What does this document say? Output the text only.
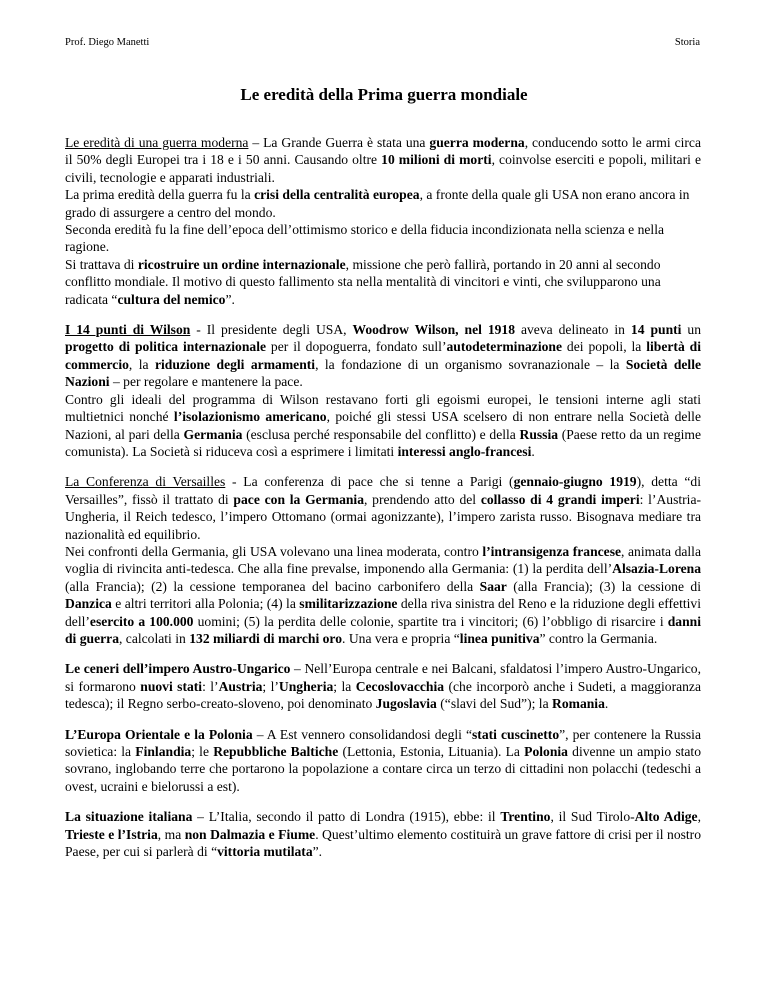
Prof. Diego Manetti	Storia
Le eredità della Prima guerra mondiale

Le eredità di una guerra moderna – La Grande Guerra è stata una guerra moderna, conducendo sotto le armi circa il 50% degli Europei tra i 18 e i 50 anni. Causando oltre 10 milioni di morti, coinvolse eserciti e popoli, militari e civili, tecnologie e apparati industriali.

La prima eredità della guerra fu la crisi della centralità europea, a fronte della quale gli USA non erano ancora in grado di assurgere a centro del mondo.

Seconda eredità fu la fine dell’epoca dell’ottimismo storico e della fiducia incondizionata nella scienza e nella ragione.

Si trattava di ricostruire un ordine internazionale, missione che però fallirà, portando in 20 anni al secondo conflitto mondiale. Il motivo di questo fallimento sta nella mentalità di vincitori e vinti, che svilupparono una radicata “cultura del nemico”.

I 14 punti di Wilson - Il presidente degli USA, Woodrow Wilson, nel 1918 aveva delineato in 14 punti un progetto di politica internazionale per il dopoguerra, fondato sull’autodeterminazione dei popoli, la libertà di commercio, la riduzione degli armamenti, la fondazione di un organismo sovranazionale – la Società delle Nazioni – per regolare e mantenere la pace.

Contro gli ideali del programma di Wilson restavano forti gli egoismi europei, le tensioni interne agli stati multietnici nonché l’isolazionismo americano, poiché gli stessi USA scelsero di non entrare nella Società delle Nazioni, al pari della Germania (esclusa perché responsabile del conflitto) e della Russia (Paese retto da un regime comunista). La Società si riduceva così a esprimere i limitati interessi anglo-francesi.

La Conferenza di Versailles - La conferenza di pace che si tenne a Parigi (gennaio-giugno 1919), detta “di Versailles”, fissò il trattato di pace con la Germania, prendendo atto del collasso di 4 grandi imperi: l’Austria-Ungheria, il Reich tedesco, l’impero Ottomano (ormai agonizzante), l’impero zarista russo. Bisognava mediare tra nazionalità ed equilibrio.

Nei confronti della Germania, gli USA volevano una linea moderata, contro l’intransigenza francese, animata dalla voglia di rivincita anti-tedesca. Che alla fine prevalse, imponendo alla Germania: (1) la perdita dell’Alsazia-Lorena (alla Francia); (2) la cessione temporanea del bacino carbonifero della Saar (alla Francia); (3) la cessione di Danzica e altri territori alla Polonia; (4) la smilitarizzazione della riva sinistra del Reno e la riduzione degli effettivi dell’esercito a 100.000 uomini; (5) la perdita delle colonie, spartite tra i vincitori; (6) l’obbligo di risarcire i danni di guerra, calcolati in 132 miliardi di marchi oro. Una vera e propria “linea punitiva” contro la Germania.

Le ceneri dell’impero Austro-Ungarico – Nell’Europa centrale e nei Balcani, sfaldatosi l’impero Austro-Ungarico, si formarono nuovi stati: l’Austria; l’Ungheria; la Cecoslovacchia (che incorporò anche i Sudeti, a maggioranza tedesca); il Regno serbo-creato-sloveno, poi denominato Jugoslavia (“slavi del Sud”); la Romania.

L’Europa Orientale e la Polonia – A Est vennero consolidandosi degli “stati cuscinetto”, per contenere la Russia sovietica: la Finlandia; le Repubbliche Baltiche (Lettonia, Estonia, Lituania). La Polonia divenne un ampio stato sovrano, inglobando terre che portarono la popolazione a contare circa un terzo di cittadini non polacchi (tedeschi a ovest, ucraini e bielorussi a est).

La situazione italiana – L’Italia, secondo il patto di Londra (1915), ebbe: il Trentino, il Sud Tirolo-Alto Adige, Trieste e l’Istria, ma non Dalmazia e Fiume. Quest’ultimo elemento costituirà un grave fattore di crisi per il nostro Paese, per cui si parlerà di “vittoria mutilata”.
